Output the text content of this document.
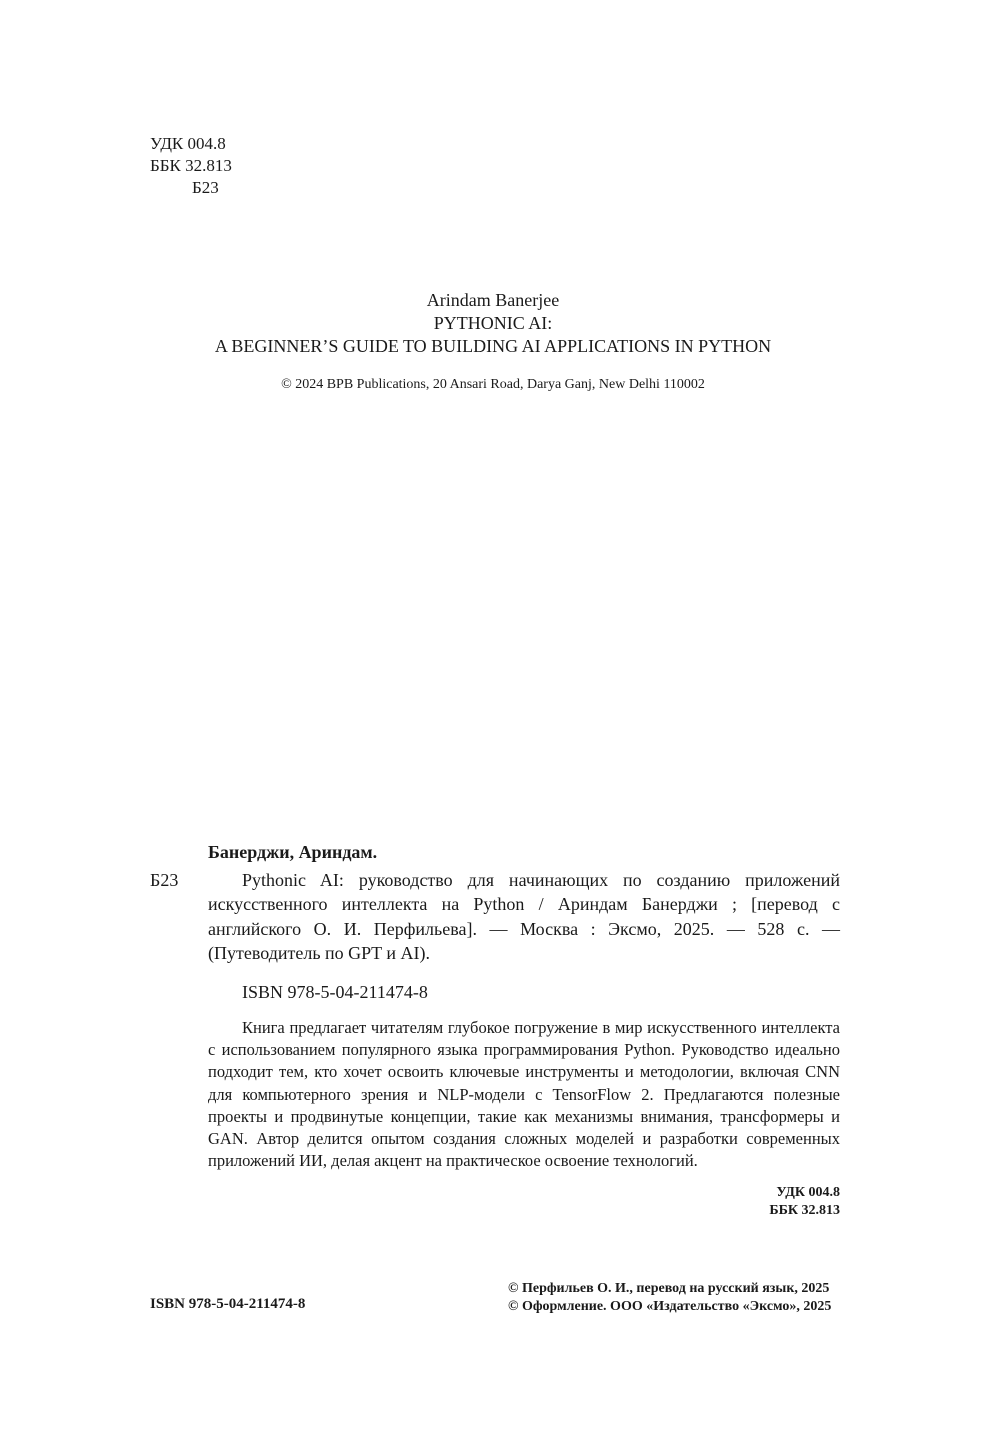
УДК 004.8
ББК 32.813
Б23
Arindam Banerjee
PYTHONIC AI:
A BEGINNER’S GUIDE TO BUILDING AI APPLICATIONS IN PYTHON
© 2024 BPB Publications, 20 Ansari Road, Darya Ganj, New Delhi 110002
Банерджи, Ариндам.
Б23	Pythonic AI: руководство для начинающих по созданию приложений искусственного интеллекта на Python / Ариндам Банерджи ; [перевод с английского О. И. Перфильева]. — Москва : Эксмо, 2025. — 528 с. — (Путеводитель по GPT и AI).
ISBN 978-5-04-211474-8
Книга предлагает читателям глубокое погружение в мир искусственного интеллекта с использованием популярного языка программирования Python. Руководство идеально подходит тем, кто хочет освоить ключевые инструменты и методологии, включая CNN для компьютерного зрения и NLP-модели с TensorFlow 2. Предлагаются полезные проекты и продвинутые концепции, такие как механизмы внимания, трансформеры и GAN. Автор делится опытом создания сложных моделей и разработки современных приложений ИИ, делая акцент на практическое освоение технологий.
УДК 004.8
ББК 32.813
ISBN 978-5-04-211474-8
© Перфильев О. И., перевод на русский язык, 2025
© Оформление. ООО «Издательство «Эксмо», 2025
